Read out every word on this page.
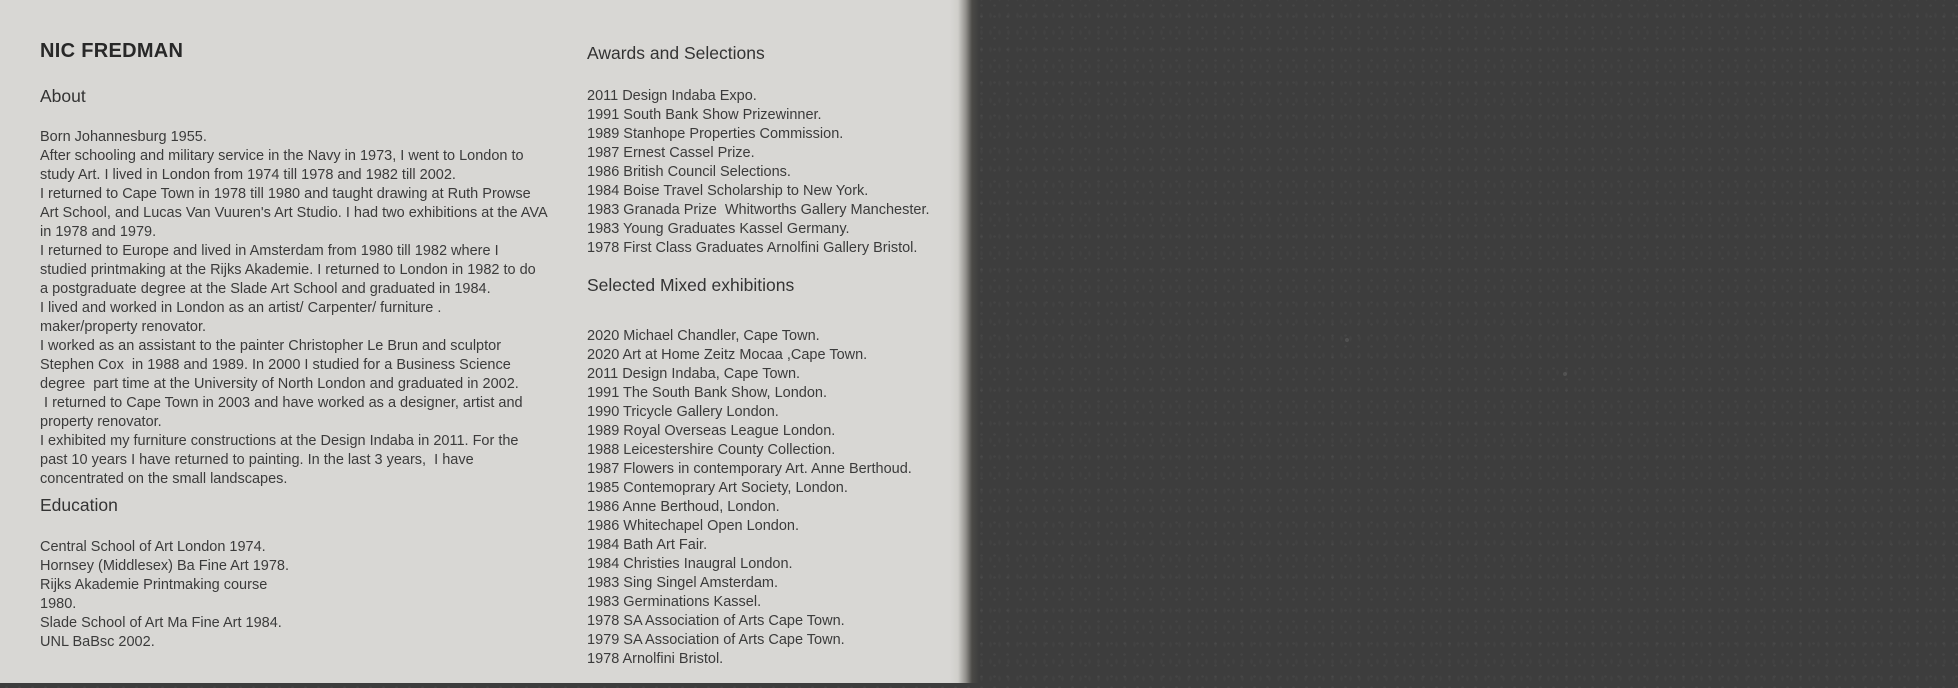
NIC FREDMAN
About
Born Johannesburg 1955.
After schooling and military service in the Navy in 1973, I went to London to
study Art. I lived in London from 1974 till 1978 and 1982 till 2002.
I returned to Cape Town in 1978 till 1980 and taught drawing at Ruth Prowse
Art School, and Lucas Van Vuuren's Art Studio. I had two exhibitions at the AVA
in 1978 and 1979.
I returned to Europe and lived in Amsterdam from 1980 till 1982 where I
studied printmaking at the Rijks Akademie. I returned to London in 1982 to do
a postgraduate degree at the Slade Art School and graduated in 1984.
I lived and worked in London as an artist/ Carpenter/ furniture .
maker/property renovator.
I worked as an assistant to the painter Christopher Le Brun and sculptor
Stephen Cox  in 1988 and 1989. In 2000 I studied for a Business Science
degree  part time at the University of North London and graduated in 2002.
I returned to Cape Town in 2003 and have worked as a designer, artist and
property renovator.
I exhibited my furniture constructions at the Design Indaba in 2011. For the
past 10 years I have returned to painting. In the last 3 years,  I have
concentrated on the small landscapes.
Education
Central School of Art London 1974.
Hornsey (Middlesex) Ba Fine Art 1978.
Rijks Akademie Printmaking course
1980.
Slade School of Art Ma Fine Art 1984.
UNL BaBsc 2002.
Awards and Selections
2011 Design Indaba Expo.
1991 South Bank Show Prizewinner.
1989 Stanhope Properties Commission.
1987 Ernest Cassel Prize.
1986 British Council Selections.
1984 Boise Travel Scholarship to New York.
1983 Granada Prize  Whitworths Gallery Manchester.
1983 Young Graduates Kassel Germany.
1978 First Class Graduates Arnolfini Gallery Bristol.
Selected Mixed exhibitions
2020 Michael Chandler, Cape Town.
2020 Art at Home Zeitz Mocaa ,Cape Town.
2011 Design Indaba, Cape Town.
1991 The South Bank Show, London.
1990 Tricycle Gallery London.
1989 Royal Overseas League London.
1988 Leicestershire County Collection.
1987 Flowers in contemporary Art. Anne Berthoud.
1985 Contemoprary Art Society, London.
1986 Anne Berthoud, London.
1986 Whitechapel Open London.
1984 Bath Art Fair.
1984 Christies Inaugral London.
1983 Sing Singel Amsterdam.
1983 Germinations Kassel.
1978 SA Association of Arts Cape Town.
1979 SA Association of Arts Cape Town.
1978 Arnolfini Bristol.
